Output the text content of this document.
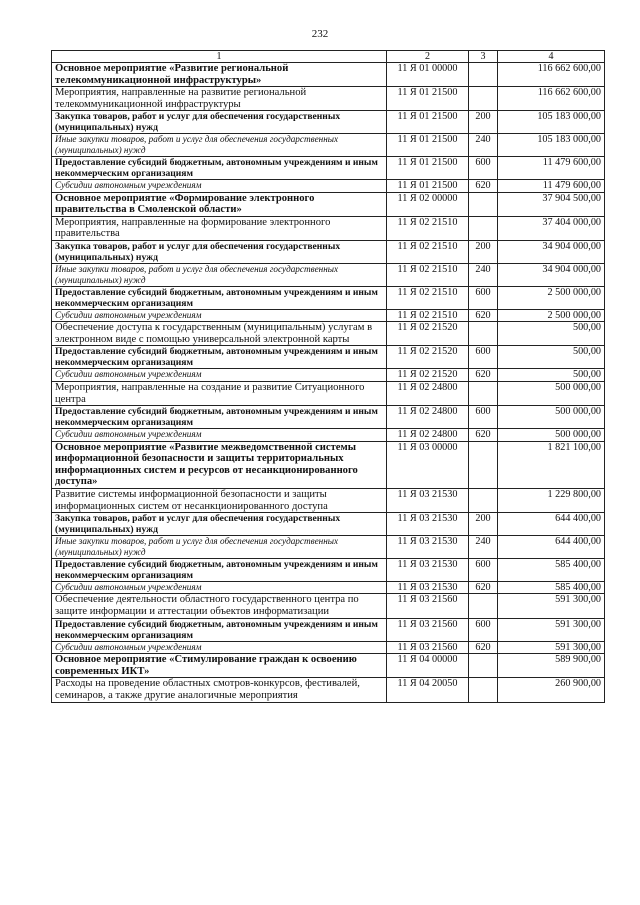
232
1	2	3	4
Основное мероприятие «Развитие региональной телекоммуникационной инфраструктуры»	11 Я 01 00000		116 662 600,00
Мероприятия, направленные на развитие региональной телекоммуникационной инфраструктуры	11 Я 01 21500		116 662 600,00
Закупка товаров, работ и услуг для обеспечения государственных (муниципальных) нужд	11 Я 01 21500	200	105 183 000,00
Иные закупки товаров, работ и услуг для обеспечения государственных (муниципальных) нужд	11 Я 01 21500	240	105 183 000,00
Предоставление субсидий бюджетным, автономным учреждениям и иным некоммерческим организациям	11 Я 01 21500	600	11 479 600,00
Субсидии автономным учреждениям	11 Я 01 21500	620	11 479 600,00
Основное мероприятие «Формирование электронного правительства в Смоленской области»	11 Я 02 00000		37 904 500,00
Мероприятия, направленные на формирование электронного правительства	11 Я 02 21510		37 404 000,00
Закупка товаров, работ и услуг для обеспечения государственных (муниципальных) нужд	11 Я 02 21510	200	34 904 000,00
Иные закупки товаров, работ и услуг для обеспечения государственных (муниципальных) нужд	11 Я 02 21510	240	34 904 000,00
Предоставление субсидий бюджетным, автономным учреждениям и иным некоммерческим организациям	11 Я 02 21510	600	2 500 000,00
Субсидии автономным учреждениям	11 Я 02 21510	620	2 500 000,00
Обеспечение доступа к государственным (муниципальным) услугам в электронном виде с помощью универсальной электронной карты	11 Я 02 21520		500,00
Предоставление субсидий бюджетным, автономным учреждениям и иным некоммерческим организациям	11 Я 02 21520	600	500,00
Субсидии автономным учреждениям	11 Я 02 21520	620	500,00
Мероприятия, направленные на создание и развитие Ситуационного центра	11 Я 02 24800		500 000,00
Предоставление субсидий бюджетным, автономным учреждениям и иным некоммерческим организациям	11 Я 02 24800	600	500 000,00
Субсидии автономным учреждениям	11 Я 02 24800	620	500 000,00
Основное мероприятие «Развитие межведомственной системы информационной безопасности и защиты территориальных информационных систем и ресурсов от несанкционированного доступа»	11 Я 03 00000		1 821 100,00
Развитие системы информационной безопасности и защиты информационных систем от несанкционированного доступа	11 Я 03 21530		1 229 800,00
Закупка товаров, работ и услуг для обеспечения государственных (муниципальных) нужд	11 Я 03 21530	200	644 400,00
Иные закупки товаров, работ и услуг для обеспечения государственных (муниципальных) нужд	11 Я 03 21530	240	644 400,00
Предоставление субсидий бюджетным, автономным учреждениям и иным некоммерческим организациям	11 Я 03 21530	600	585 400,00
Субсидии автономным учреждениям	11 Я 03 21530	620	585 400,00
Обеспечение деятельности областного государственного центра по защите информации и аттестации объектов информатизации	11 Я 03 21560		591 300,00
Предоставление субсидий бюджетным, автономным учреждениям и иным некоммерческим организациям	11 Я 03 21560	600	591 300,00
Субсидии автономным учреждениям	11 Я 03 21560	620	591 300,00
Основное мероприятие «Стимулирование граждан к освоению современных ИКТ»	11 Я 04 00000		589 900,00
Расходы на проведение областных смотров-конкурсов, фестивалей, семинаров, а также другие аналогичные мероприятия	11 Я 04 20050		260 900,00
